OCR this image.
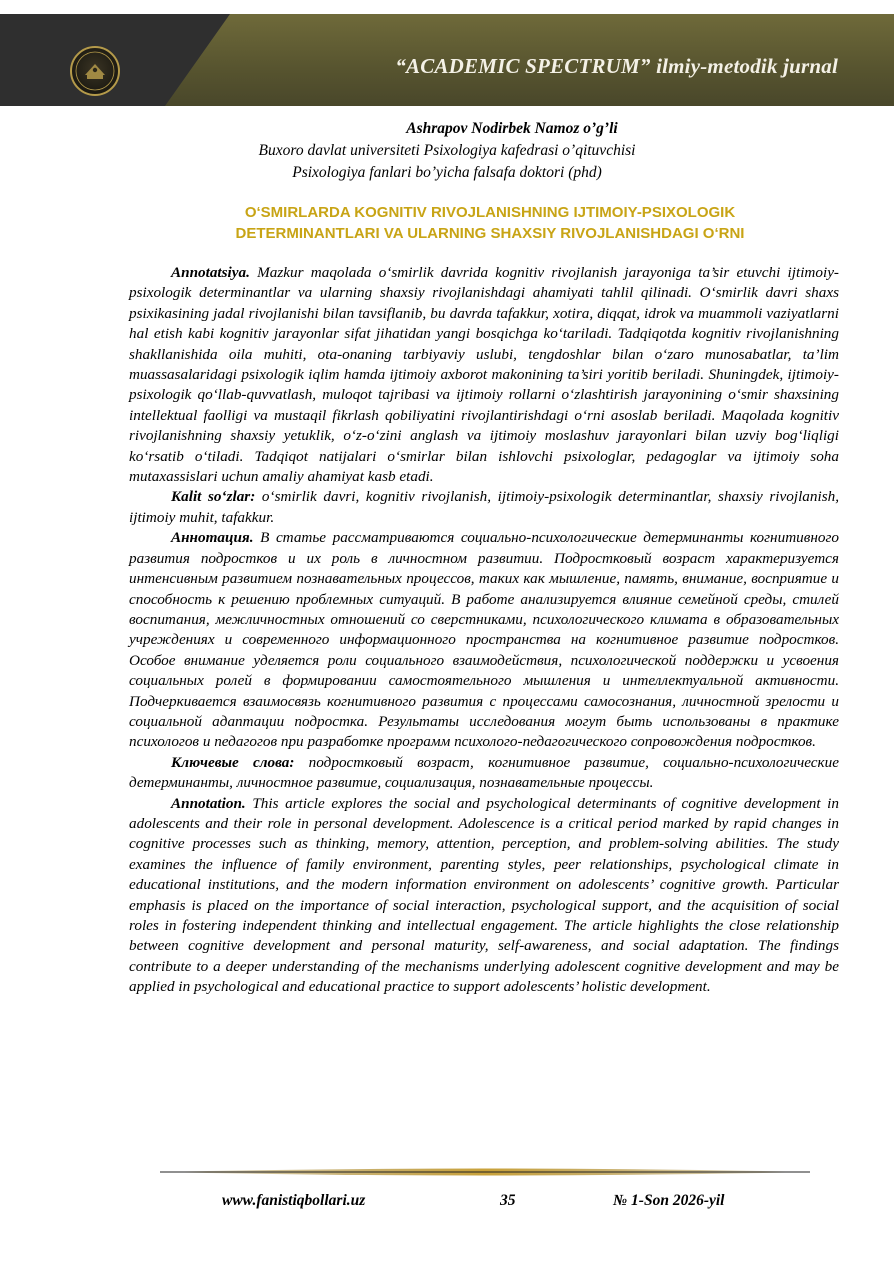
“ACADEMIC SPECTRUM” ilmiy-metodik jurnal
Ashrapov Nodirbek Namoz o’g’li
Buxoro davlat universiteti Psixologiya kafedrasi o’qituvchisi
Psixologiya fanlari bo’yicha falsafa doktori (phd)
O‘SMIRLARDA KOGNITIV RIVOJLANISHNING IJTIMOIY-PSIXOLOGIK
DETERMINANTLARI VA ULARNING SHAXSIY RIVOJLANISHDAGI O‘RNI

Annotatsiya. Mazkur maqolada o‘smirlik davrida kognitiv rivojlanish jarayoniga ta’sir etuvchi ijtimoiy-psixologik determinantlar va ularning shaxsiy rivojlanishdagi ahamiyati tahlil qilinadi. O‘smirlik davri shaxs psixikasining jadal rivojlanishi bilan tavsiflanib, bu davrda tafakkur, xotira, diqqat, idrok va muammoli vaziyatlarni hal etish kabi kognitiv jarayonlar sifat jihatidan yangi bosqichga ko‘tariladi. Tadqiqotda kognitiv rivojlanishning shakllanishida oila muhiti, ota-onaning tarbiyaviy uslubi, tengdoshlar bilan o‘zaro munosabatlar, ta’lim muassasalaridagi psixologik iqlim hamda ijtimoiy axborot makonining ta’siri yoritib beriladi. Shuningdek, ijtimoiy-psixologik qo‘llab-quvvatlash, muloqot tajribasi va ijtimoiy rollarni o‘zlashtirish jarayonining o‘smir shaxsining intellektual faolligi va mustaqil fikrlash qobiliyatini rivojlantirishdagi o‘rni asoslab beriladi. Maqolada kognitiv rivojlanishning shaxsiy yetuklik, o‘z-o‘zini anglash va ijtimoiy moslashuv jarayonlari bilan uzviy bog‘liqligi ko‘rsatib o‘tiladi. Tadqiqot natijalari o‘smirlar bilan ishlovchi psixologlar, pedagoglar va ijtimoiy soha mutaxassislari uchun amaliy ahamiyat kasb etadi.

Kalit so‘zlar: o‘smirlik davri, kognitiv rivojlanish, ijtimoiy-psixologik determinantlar, shaxsiy rivojlanish, ijtimoiy muhit, tafakkur.

Аннотация. В статье рассматриваются социально-психологические детерминанты когнитивного развития подростков и их роль в личностном развитии. Подростковый возраст характеризуется интенсивным развитием познавательных процессов, таких как мышление, память, внимание, восприятие и способность к решению проблемных ситуаций. В работе анализируется влияние семейной среды, стилей воспитания, межличностных отношений со сверстниками, психологического климата в образовательных учреждениях и современного информационного пространства на когнитивное развитие подростков. Особое внимание уделяется роли социального взаимодействия, психологической поддержки и усвоения социальных ролей в формировании самостоятельного мышления и интеллектуальной активности. Подчеркивается взаимосвязь когнитивного развития с процессами самосознания, личностной зрелости и социальной адаптации подростка. Результаты исследования могут быть использованы в практике психологов и педагогов при разработке программ психолого-педагогического сопровождения подростков.

Ключевые слова: подростковый возраст, когнитивное развитие, социально-психологические детерминанты, личностное развитие, социализация, познавательные процессы.

Annotation. This article explores the social and psychological determinants of cognitive development in adolescents and their role in personal development. Adolescence is a critical period marked by rapid changes in cognitive processes such as thinking, memory, attention, perception, and problem-solving abilities. The study examines the influence of family environment, parenting styles, peer relationships, psychological climate in educational institutions, and the modern information environment on adolescents’ cognitive growth. Particular emphasis is placed on the importance of social interaction, psychological support, and the acquisition of social roles in fostering independent thinking and intellectual engagement. The article highlights the close relationship between cognitive development and personal maturity, self-awareness, and social adaptation. The findings contribute to a deeper understanding of the mechanisms underlying adolescent cognitive development and may be applied in psychological and educational practice to support adolescents’ holistic development.

www.fanistiqbollari.uz	35	№ 1-Son 2026-yil
